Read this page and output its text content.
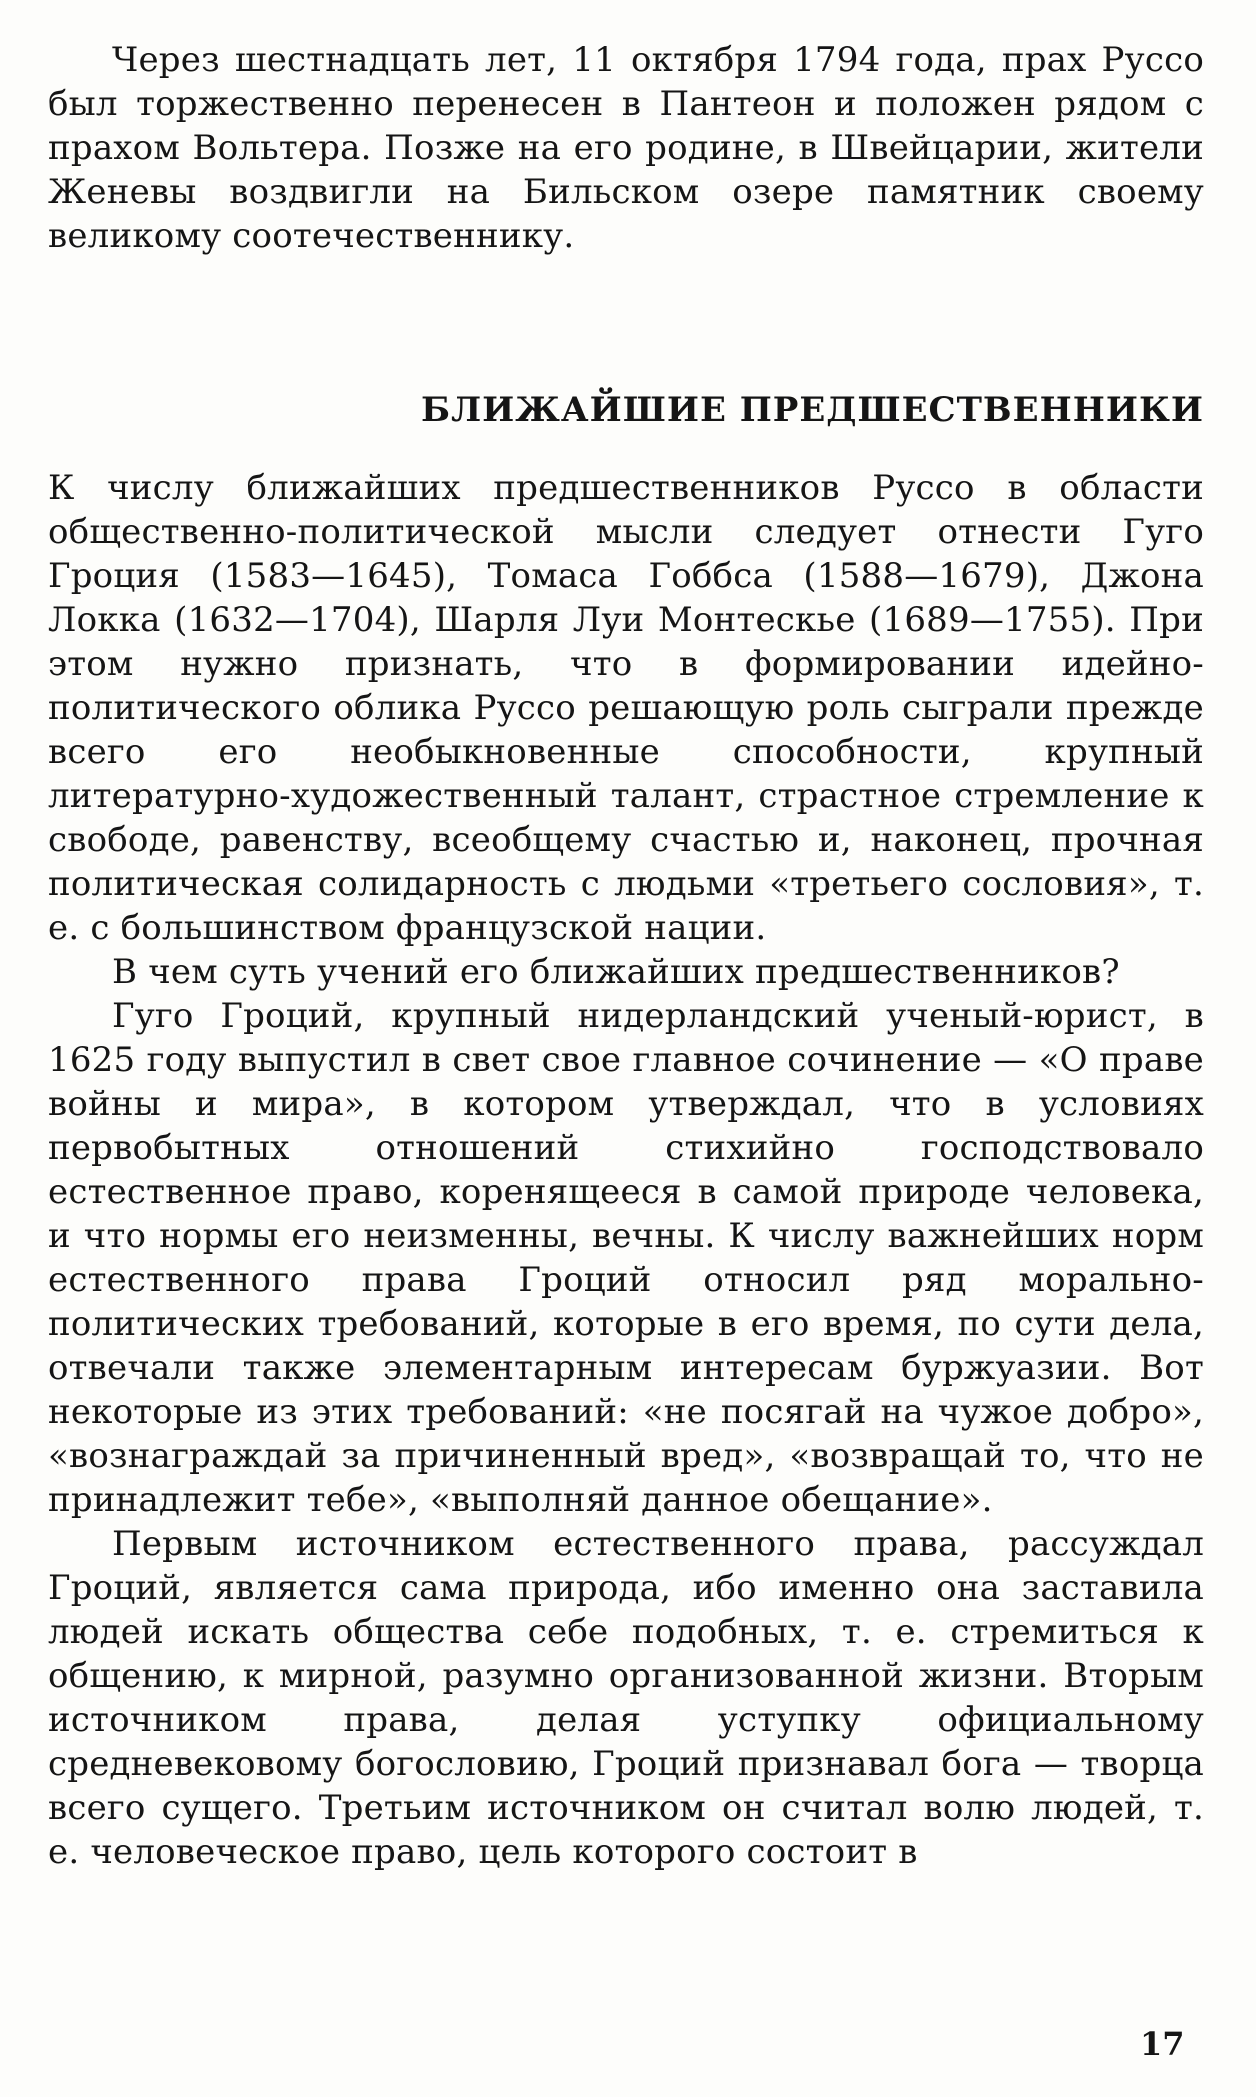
Через шестнадцать лет, 11 октября 1794 года, прах Руссо был торжественно перенесен в Пантеон и положен рядом с прахом Вольтера. Позже на его родине, в Швейцарии, жители Женевы воздвигли на Бильском озере памятник своему великому соотечественнику.

БЛИЖАЙШИЕ ПРЕДШЕСТВЕННИКИ

К числу ближайших предшественников Руссо в области общественно-политической мысли следует отнести Гуго Гроция (1583—1645), Томаса Гоббса (1588—1679), Джона Локка (1632—1704), Шарля Луи Монтескье (1689—1755). При этом нужно признать, что в формировании идейно-политического облика Руссо решающую роль сыграли прежде всего его необыкновенные способности, крупный литературно-художественный талант, страстное стремление к свободе, равенству, всеобщему счастью и, наконец, прочная политическая солидарность с людьми «третьего сословия», т. е. с большинством французской нации.

В чем суть учений его ближайших предшественников?

Гуго Гроций, крупный нидерландский ученый-юрист, в 1625 году выпустил в свет свое главное сочинение — «О праве войны и мира», в котором утверждал, что в условиях первобытных отношений стихийно господствовало естественное право, коренящееся в самой природе человека, и что нормы его неизменны, вечны. К числу важнейших норм естественного права Гроций относил ряд морально-политических требований, которые в его время, по сути дела, отвечали также элементарным интересам буржуазии. Вот некоторые из этих требований: «не посягай на чужое добро», «вознаграждай за причиненный вред», «возвращай то, что не принадлежит тебе», «выполняй данное обещание».

Первым источником естественного права, рассуждал Гроций, является сама природа, ибо именно она заставила людей искать общества себе подобных, т. е. стремиться к общению, к мирной, разумно организованной жизни. Вторым источником права, делая уступку официальному средневековому богословию, Гроций признавал бога — творца всего сущего. Третьим источником он считал волю людей, т. е. человеческое право, цель которого состоит в

17
